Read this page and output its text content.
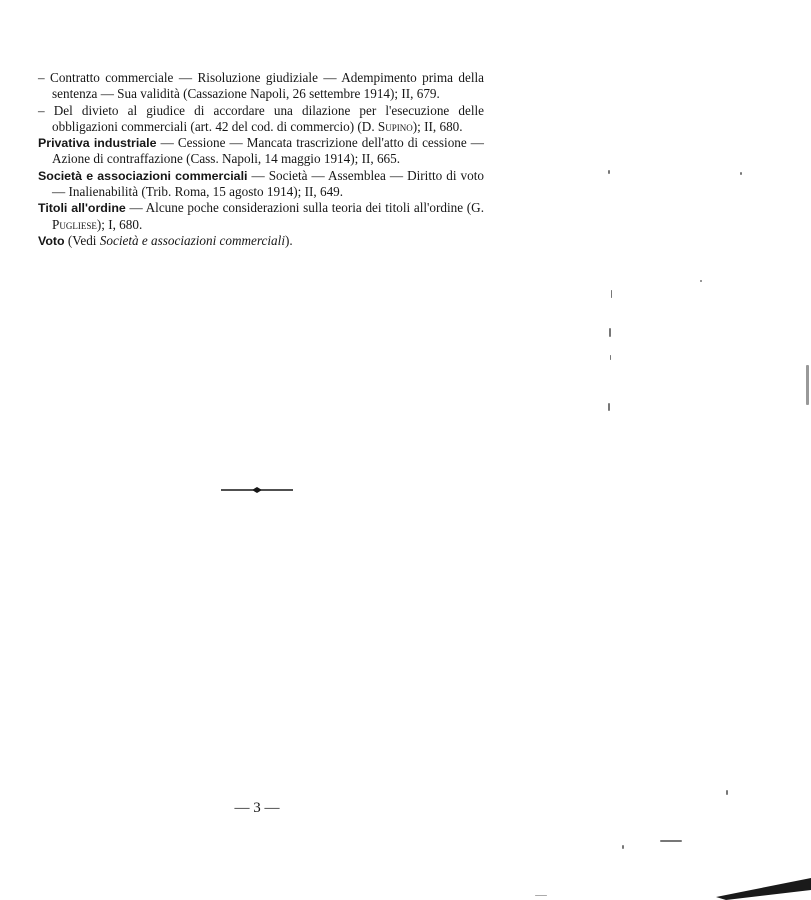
– Contratto commerciale — Risoluzione giudiziale — Adempimento prima della sentenza — Sua validità (Cassazione Napoli, 26 settembre 1914); II, 679.

– Del divieto al giudice di accordare una dilazione per l'esecuzione delle obbligazioni commerciali (art. 42 del cod. di commercio) (D. Supino); II, 680.

Privativa industriale — Cessione — Mancata trascrizione dell'atto di cessione — Azione di contraffazione (Cass. Napoli, 14 maggio 1914); II, 665.

Società e associazioni commerciali — Società — Assemblea — Diritto di voto — Inalienabilità (Trib. Roma, 15 agosto 1914); II, 649.

Titoli all'ordine — Alcune poche considerazioni sulla teoria dei titoli all'ordine (G. Pugliese); I, 680.

Voto (Vedi Società e associazioni commerciali).

— 3 —
